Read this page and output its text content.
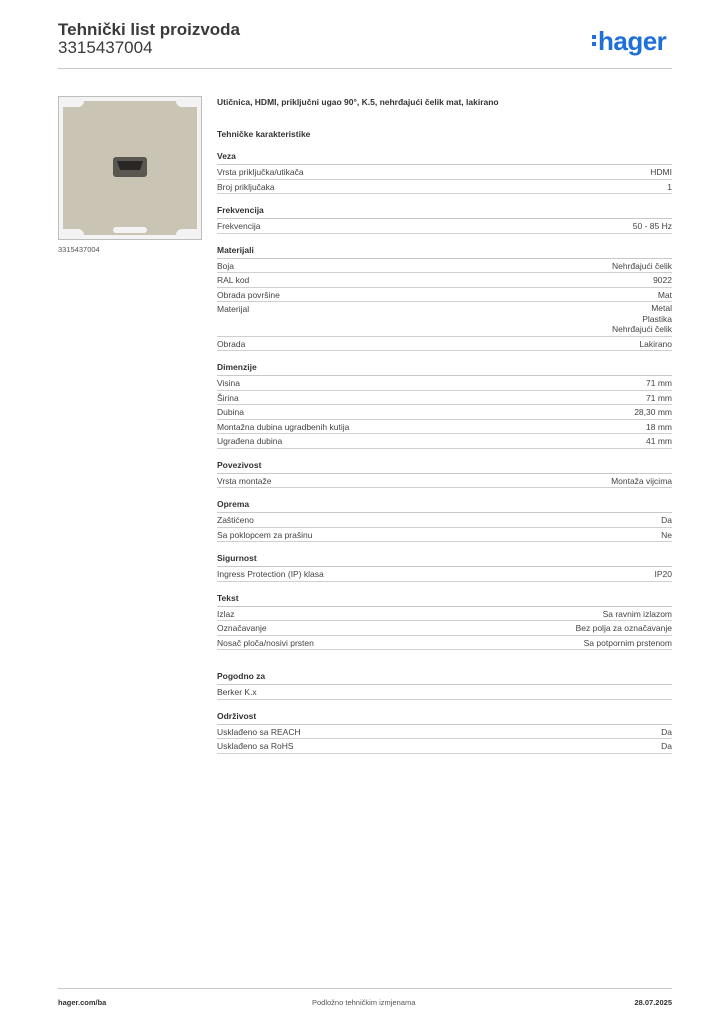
Tehnički list proizvoda
3315437004	hager
3315437004

Utičnica, HDMI, priključni ugao 90°, K.5, nehrđajući čelik mat, lakirano

Tehničke karakteristike
Veza
Vrsta priključka/utikača	HDMI
Broj priključaka	1
Frekvencija
Frekvencija	50 - 85 Hz
Materijali
Boja	Nehrđajući čelik
RAL kod	9022
Obrada površine	Mat
Materijal	Metal
Plastika
Nehrđajući čelik
Obrada	Lakirano
Dimenzije
Visina	71 mm
Širina	71 mm
Dubina	28,30 mm
Montažna dubina ugradbenih kutija	18 mm
Ugrađena dubina	41 mm
Povezivost
Vrsta montaže	Montaža vijcima
Oprema
Zaštićeno	Da
Sa poklopcem za prašinu	Ne
Sigurnost
Ingress Protection (IP) klasa	IP20
Tekst
Izlaz	Sa ravnim izlazom
Označavanje	Bez polja za označavanje
Nosač ploča/nosivi prsten	Sa potpornim prstenom
Pogodno za
Berker K.x
Održivost
Usklađeno sa REACH	Da
Usklađeno sa RoHS	Da
hager.com/ba	Podložno tehničkim izmjenama	28.07.2025
